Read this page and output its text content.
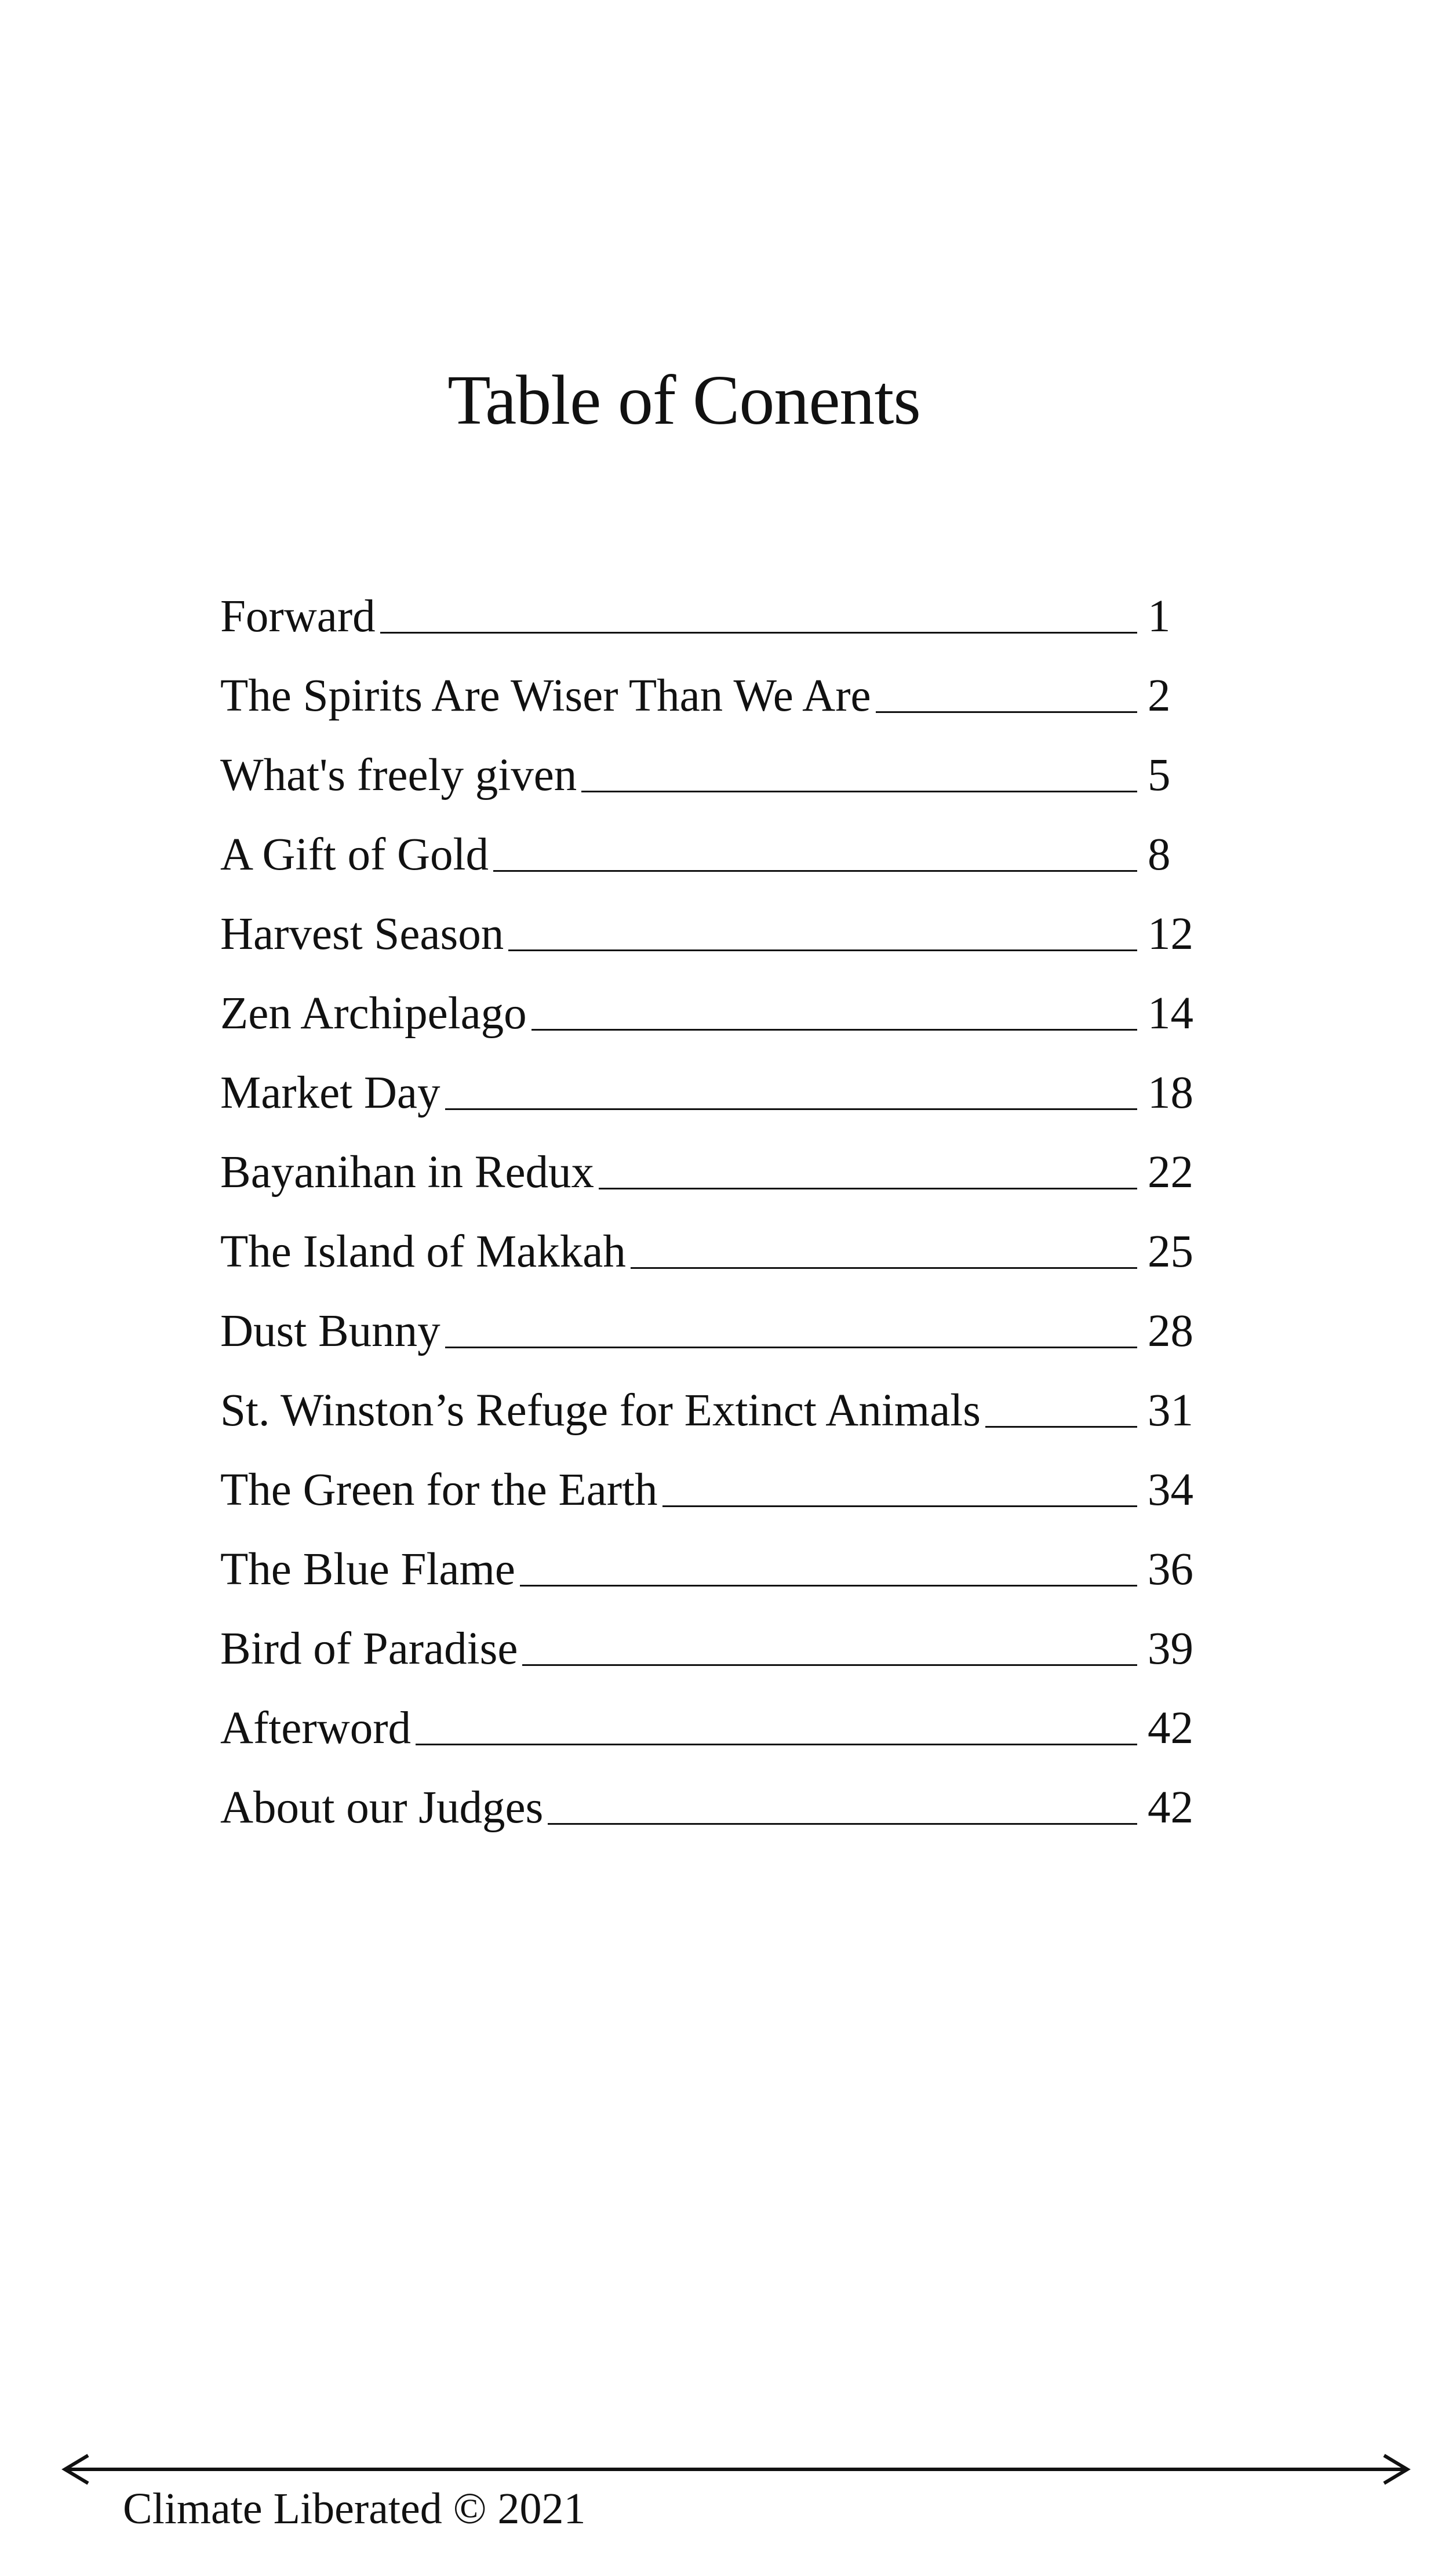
Table of Conents
Forward	1
The Spirits Are Wiser Than We Are	2
What's freely given	5
A Gift of Gold	8
Harvest Season	12
Zen Archipelago	14
Market Day	18
Bayanihan in Redux	22
The Island of Makkah	25
Dust Bunny	28
St. Winston’s Refuge for Extinct Animals	31
The Green for the Earth	34
The Blue Flame	36
Bird of Paradise	39
Afterword	42
About our Judges	42
Climate Liberated © 2021
